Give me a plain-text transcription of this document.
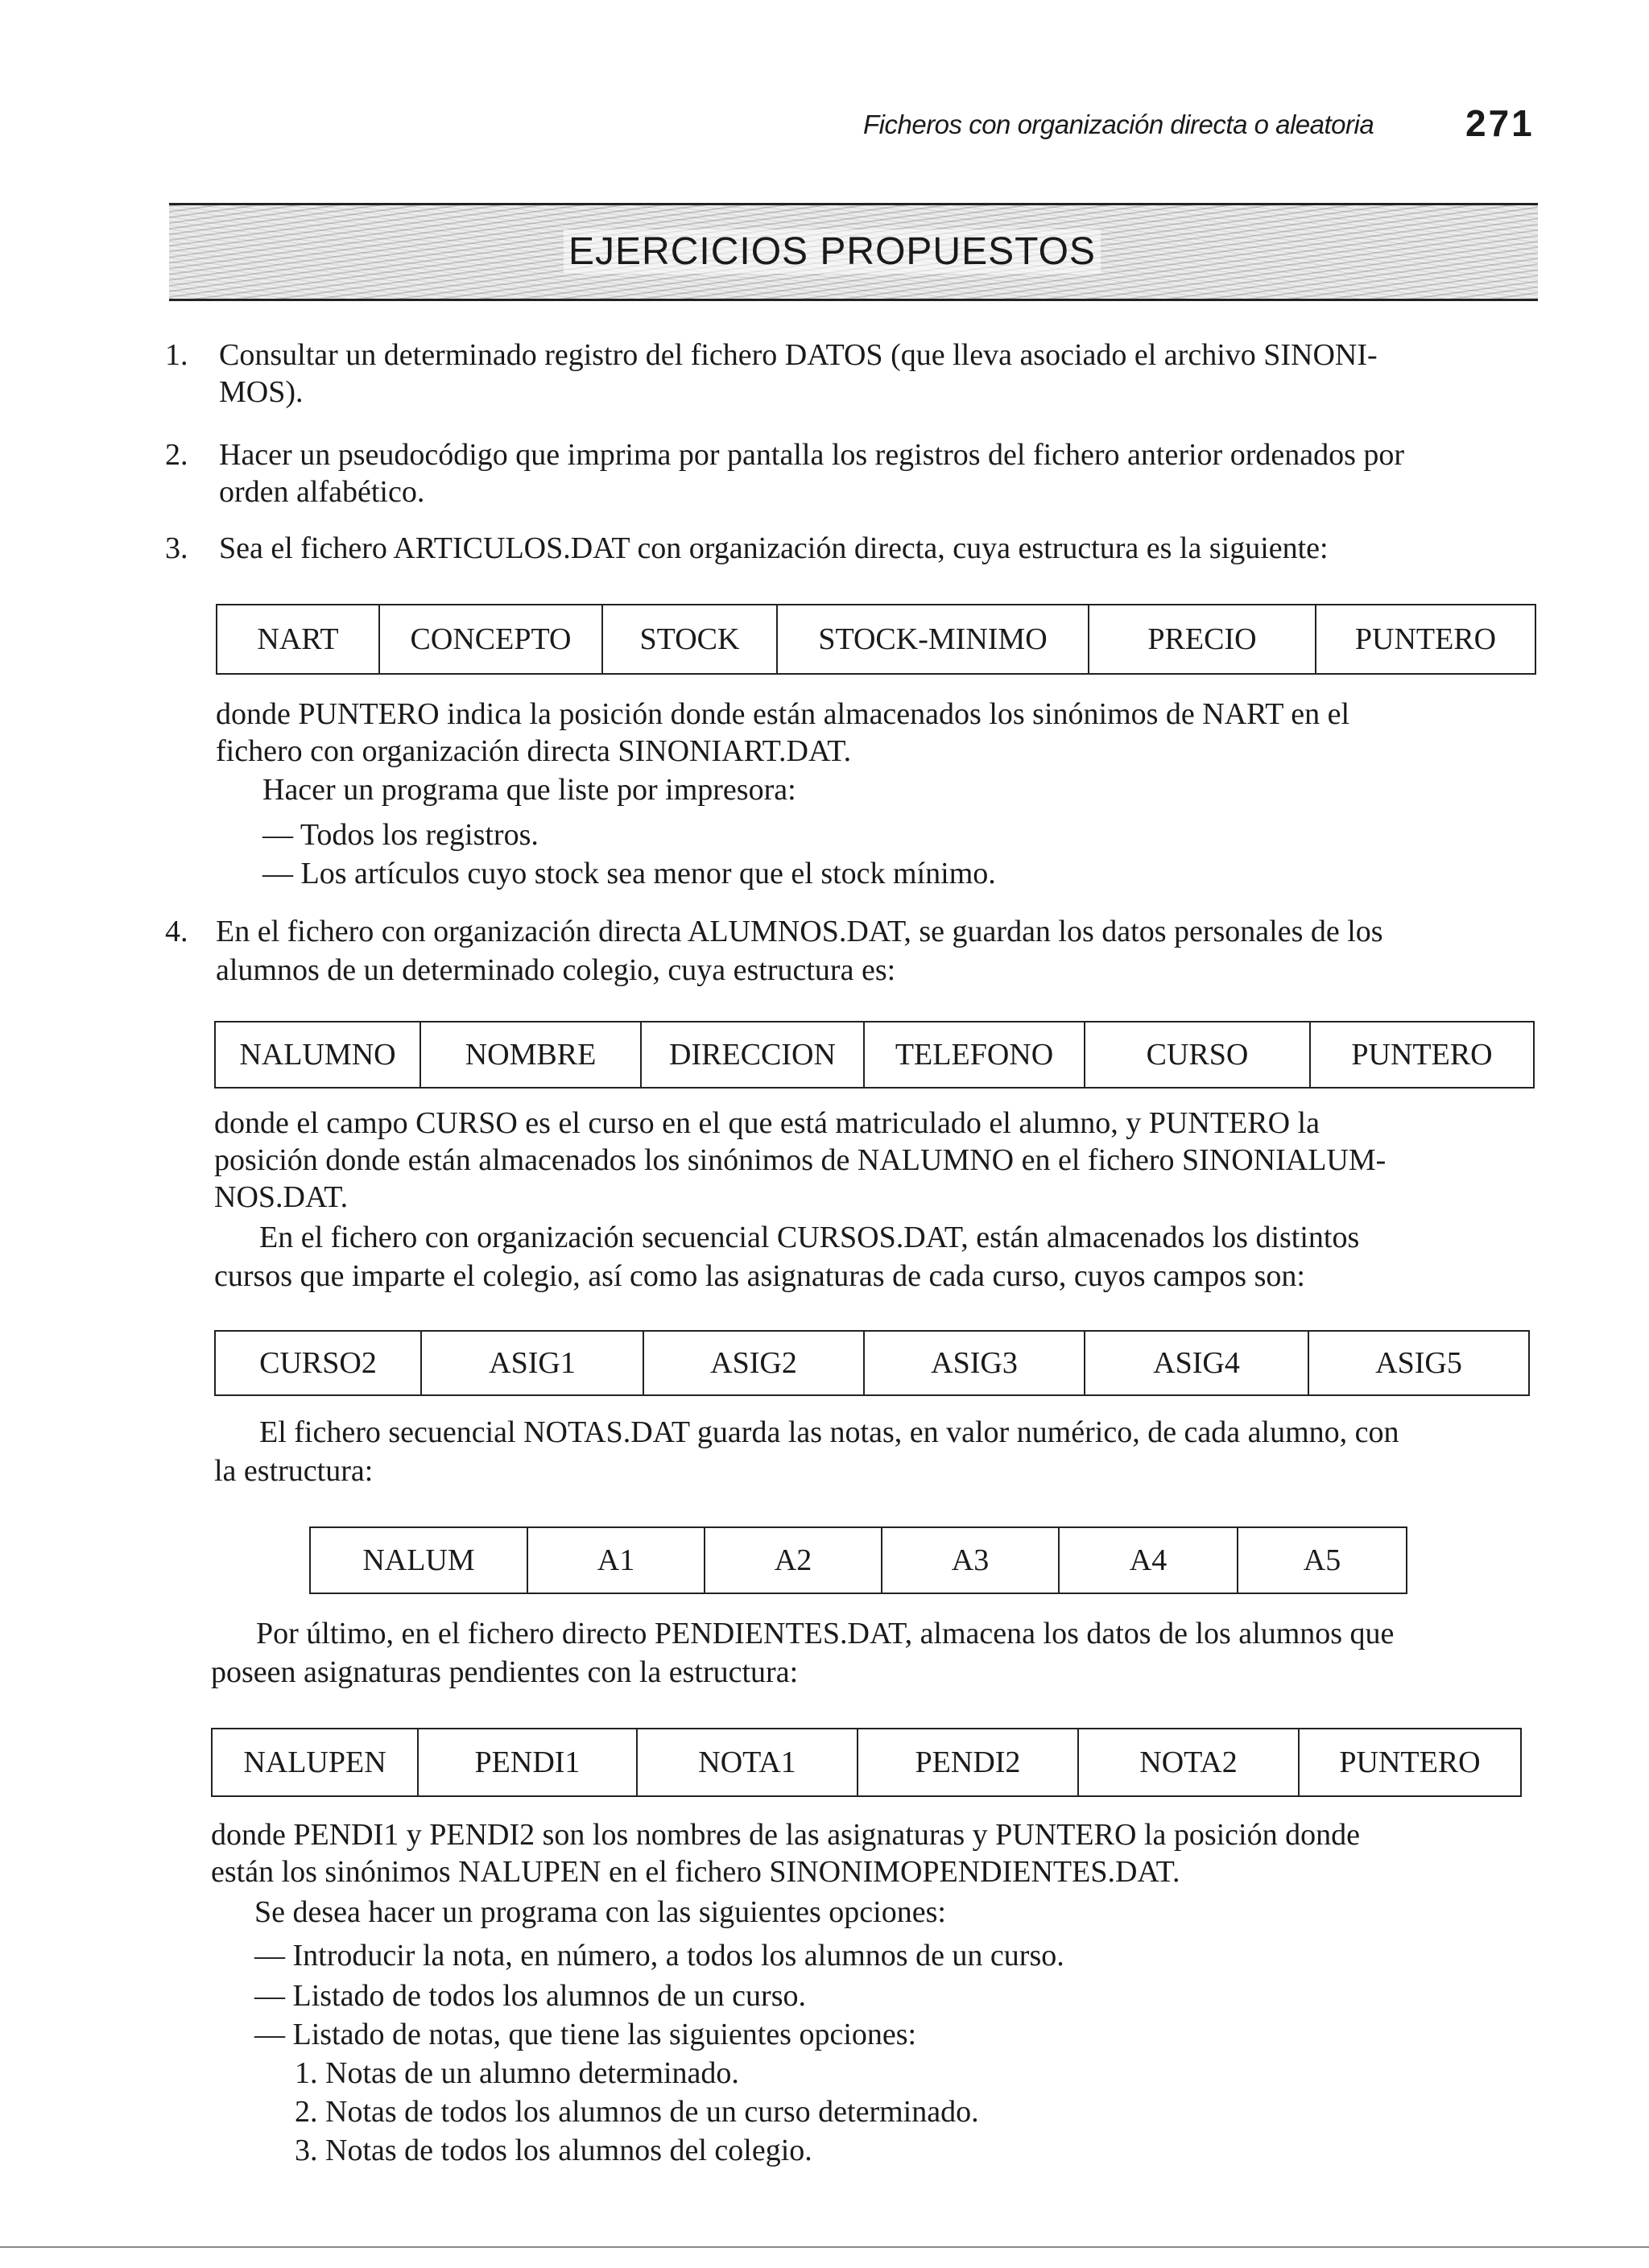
Ficheros con organización directa o aleatoria 271
EJERCICIOS PROPUESTOS
1. Consultar un determinado registro del fichero DATOS (que lleva asociado el archivo SINONI-
MOS).
2. Hacer un pseudocódigo que imprima por pantalla los registros del fichero anterior ordenados por
orden alfabético.
3. Sea el fichero ARTICULOS.DAT con organización directa, cuya estructura es la siguiente:
NART	CONCEPTO	STOCK	STOCK-MINIMO	PRECIO	PUNTERO
donde PUNTERO indica la posición donde están almacenados los sinónimos de NART en el
fichero con organización directa SINONIART.DAT.
Hacer un programa que liste por impresora:
— Todos los registros.
— Los artículos cuyo stock sea menor que el stock mínimo.
4. En el fichero con organización directa ALUMNOS.DAT, se guardan los datos personales de los
alumnos de un determinado colegio, cuya estructura es:
NALUMNO	NOMBRE	DIRECCION	TELEFONO	CURSO	PUNTERO
donde el campo CURSO es el curso en el que está matriculado el alumno, y PUNTERO la
posición donde están almacenados los sinónimos de NALUMNO en el fichero SINONIALUM-
NOS.DAT.
En el fichero con organización secuencial CURSOS.DAT, están almacenados los distintos
cursos que imparte el colegio, así como las asignaturas de cada curso, cuyos campos son:
CURSO2	ASIG1	ASIG2	ASIG3	ASIG4	ASIG5
El fichero secuencial NOTAS.DAT guarda las notas, en valor numérico, de cada alumno, con
la estructura:
NALUM	A1	A2	A3	A4	A5
Por último, en el fichero directo PENDIENTES.DAT, almacena los datos de los alumnos que
poseen asignaturas pendientes con la estructura:
NALUPEN	PENDI1	NOTA1	PENDI2	NOTA2	PUNTERO
donde PENDI1 y PENDI2 son los nombres de las asignaturas y PUNTERO la posición donde
están los sinónimos NALUPEN en el fichero SINONIMOPENDIENTES.DAT.
Se desea hacer un programa con las siguientes opciones:
— Introducir la nota, en número, a todos los alumnos de un curso.
— Listado de todos los alumnos de un curso.
— Listado de notas, que tiene las siguientes opciones:
1. Notas de un alumno determinado.
2. Notas de todos los alumnos de un curso determinado.
3. Notas de todos los alumnos del colegio.
